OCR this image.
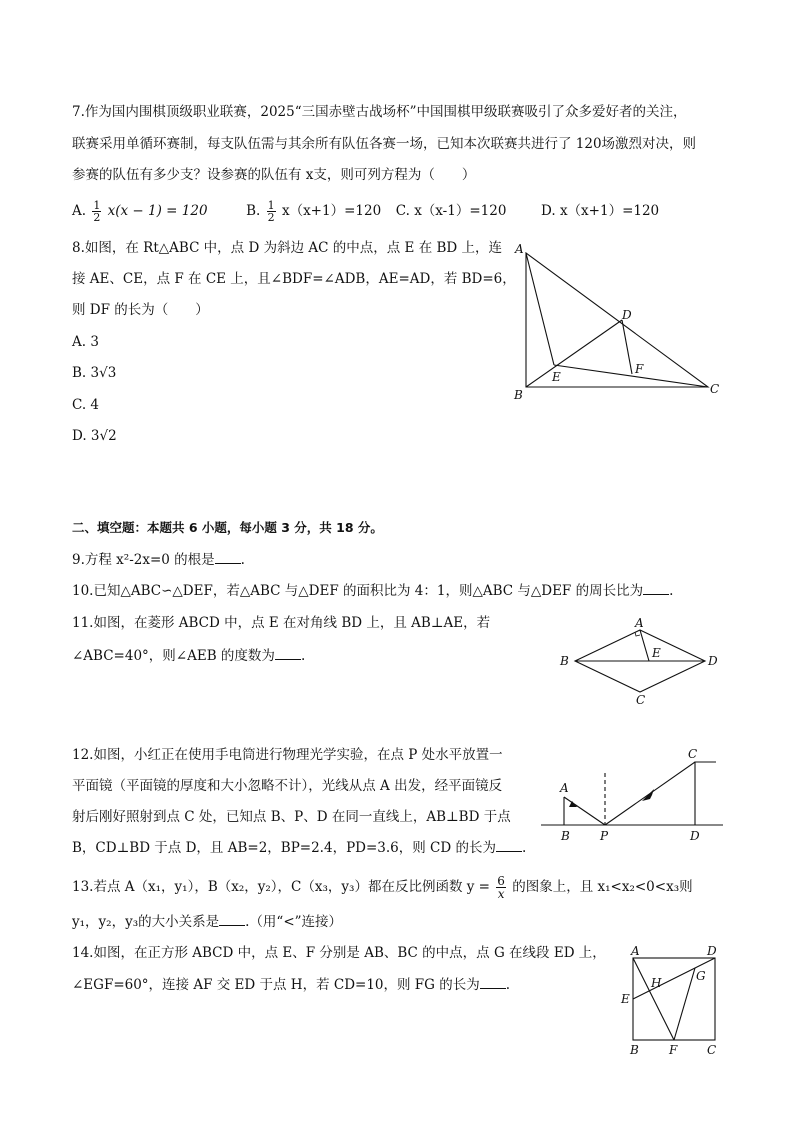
7.作为国内围棋顶级职业联赛，2025“三国赤壁古战场杯”中国围棋甲级联赛吸引了众多爱好者的关注，
联赛采用单循环赛制，每支队伍需与其余所有队伍各赛一场，已知本次联赛共进行了 120场激烈对决，则
参赛的队伍有多少支？设参赛的队伍有 x支，则可列方程为（　　）
A. $\frac{1}{2} x(x - 1) = 120$	B. $\frac{1}{2} x(x+1)=120$ C. x（x-1）=120	D. x（x+1）=120
8.如图，在 Rt△ABC 中，点 D 为斜边 AC 的中点，点 E 在 BD 上，连
接 AE、CE，点 F 在 CE 上，且∠BDF=∠ADB，AE=AD，若 BD=6，
则 DF 的长为（　　）
A. 3
B. 3√3
C. 4
D. 3√2
A
B	C
D
E
F
二、填空题：本题共 6 小题，每小题 3 分，共 18 分。
9.方程 x²-2x=0 的根是 .
10.已知△ABC∽△DEF，若△ABC 与△DEF 的面积比为 4：1，则△ABC 与△DEF 的周长比为 .
11.如图，在菱形 ABCD 中，点 E 在对角线 BD 上，且 AB⊥AE，若
∠ABC=40°，则∠AEB 的度数为 .
A
B
C
D
E
12.如图，小红正在使用手电筒进行物理光学实验，在点 P 处水平放置一
平面镜（平面镜的厚度和大小忽略不计），光线从点 A 出发，经平面镜反
射后刚好照射到点 C 处，已知点 B、P、D 在同一直线上，AB⊥BD 于点
B，CD⊥BD 于点 D，且 AB=2，BP=2.4，PD=3.6，则 CD 的长为 .
A
B	P	D
C
13.若点 A（x₁，y₁），B（x₂，y₂），C（x₃，y₃）都在反比例函数 $y = \frac{6}{x}$ 的图象上，且 x₁<x₂<0<x₃则
y₁，y₂，y₃的大小关系是 .（用“<”连接）
14.如图，在正方形 ABCD 中，点 E、F 分别是 AB、BC 的中点，点 G 在线段 ED 上，
∠EGF=60°，连接 AF 交 ED 于点 H，若 CD=10，则 FG 的长为 .
A	D
B	F C
E
H	G
